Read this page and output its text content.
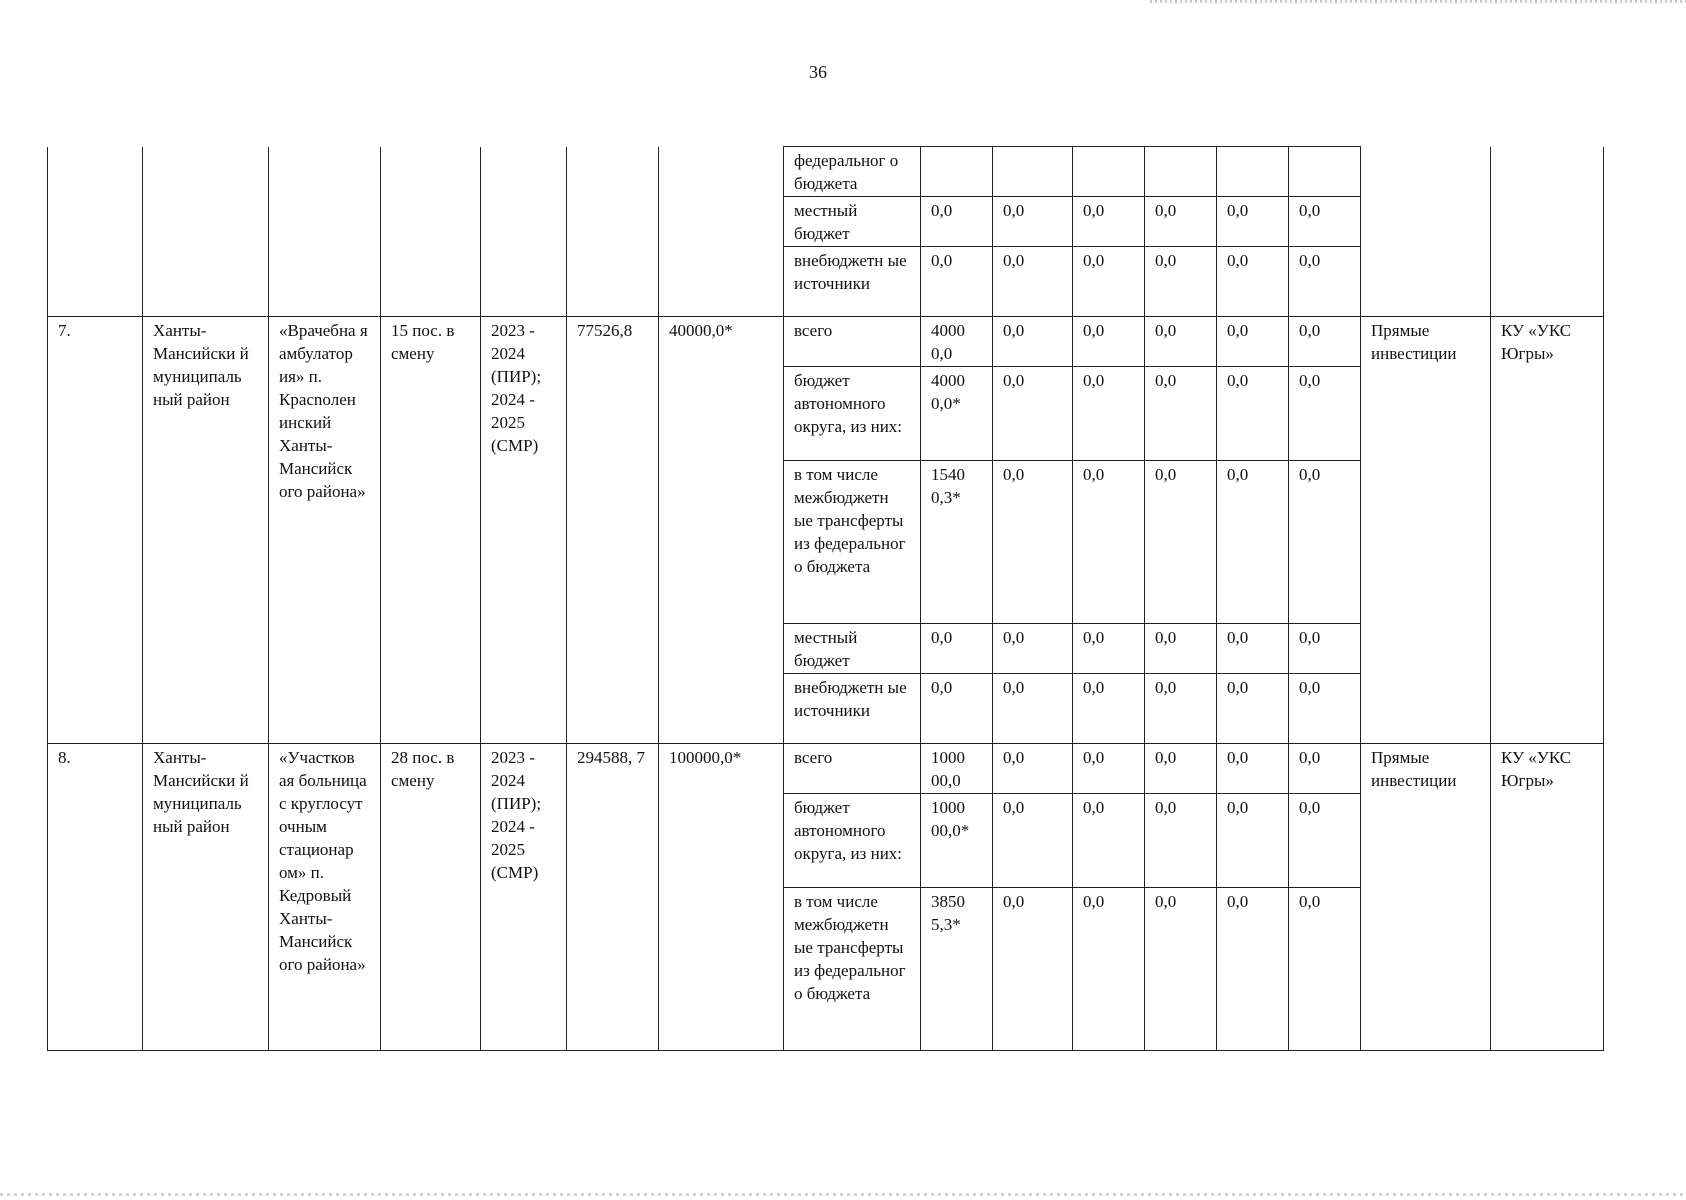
36
							федеральног о бюджета								
							местный бюджет	0,0	0,0	0,0	0,0	0,0	0,0		
							внебюджетн ые источники	0,0	0,0	0,0	0,0	0,0	0,0		
7.	Ханты- Мансийски й муниципаль ный район	«Врачебна я амбулатор ия» п. Красnолен инский Ханты- Мансийск ого района»	15 пос. в смену	2023 - 2024 (ПИР); 2024 - 2025 (СМР)	77526,8	40000,0*	всего	4000 0,0	0,0	0,0	0,0	0,0	0,0	Прямые инвестиции	КУ «УКС Югры»
							бюджет автономного округа, из них:	4000 0,0*	0,0	0,0	0,0	0,0	0,0		
							в том числе межбюджетн ые трансферты из федеральног о бюджета	1540 0,3*	0,0	0,0	0,0	0,0	0,0		
							местный бюджет	0,0	0,0	0,0	0,0	0,0	0,0		
							внебюджетн ые источники	0,0	0,0	0,0	0,0	0,0	0,0		
8.	Ханты- Мансийски й муниципаль ный район	«Участков ая больница с круглосут очным стационар ом» п. Кедровый Ханты- Мансийск ого района»	28 пос. в смену	2023 - 2024 (ПИР); 2024 - 2025 (СМР)	294588, 7	100000,0*	всего	1000 00,0	0,0	0,0	0,0	0,0	0,0	Прямые инвестиции	КУ «УКС Югры»
							бюджет автономного округа, из них:	1000 00,0*	0,0	0,0	0,0	0,0	0,0		
							в том числе межбюджетн ые трансферты из федеральног о бюджета	3850 5,3*	0,0	0,0	0,0	0,0	0,0		
